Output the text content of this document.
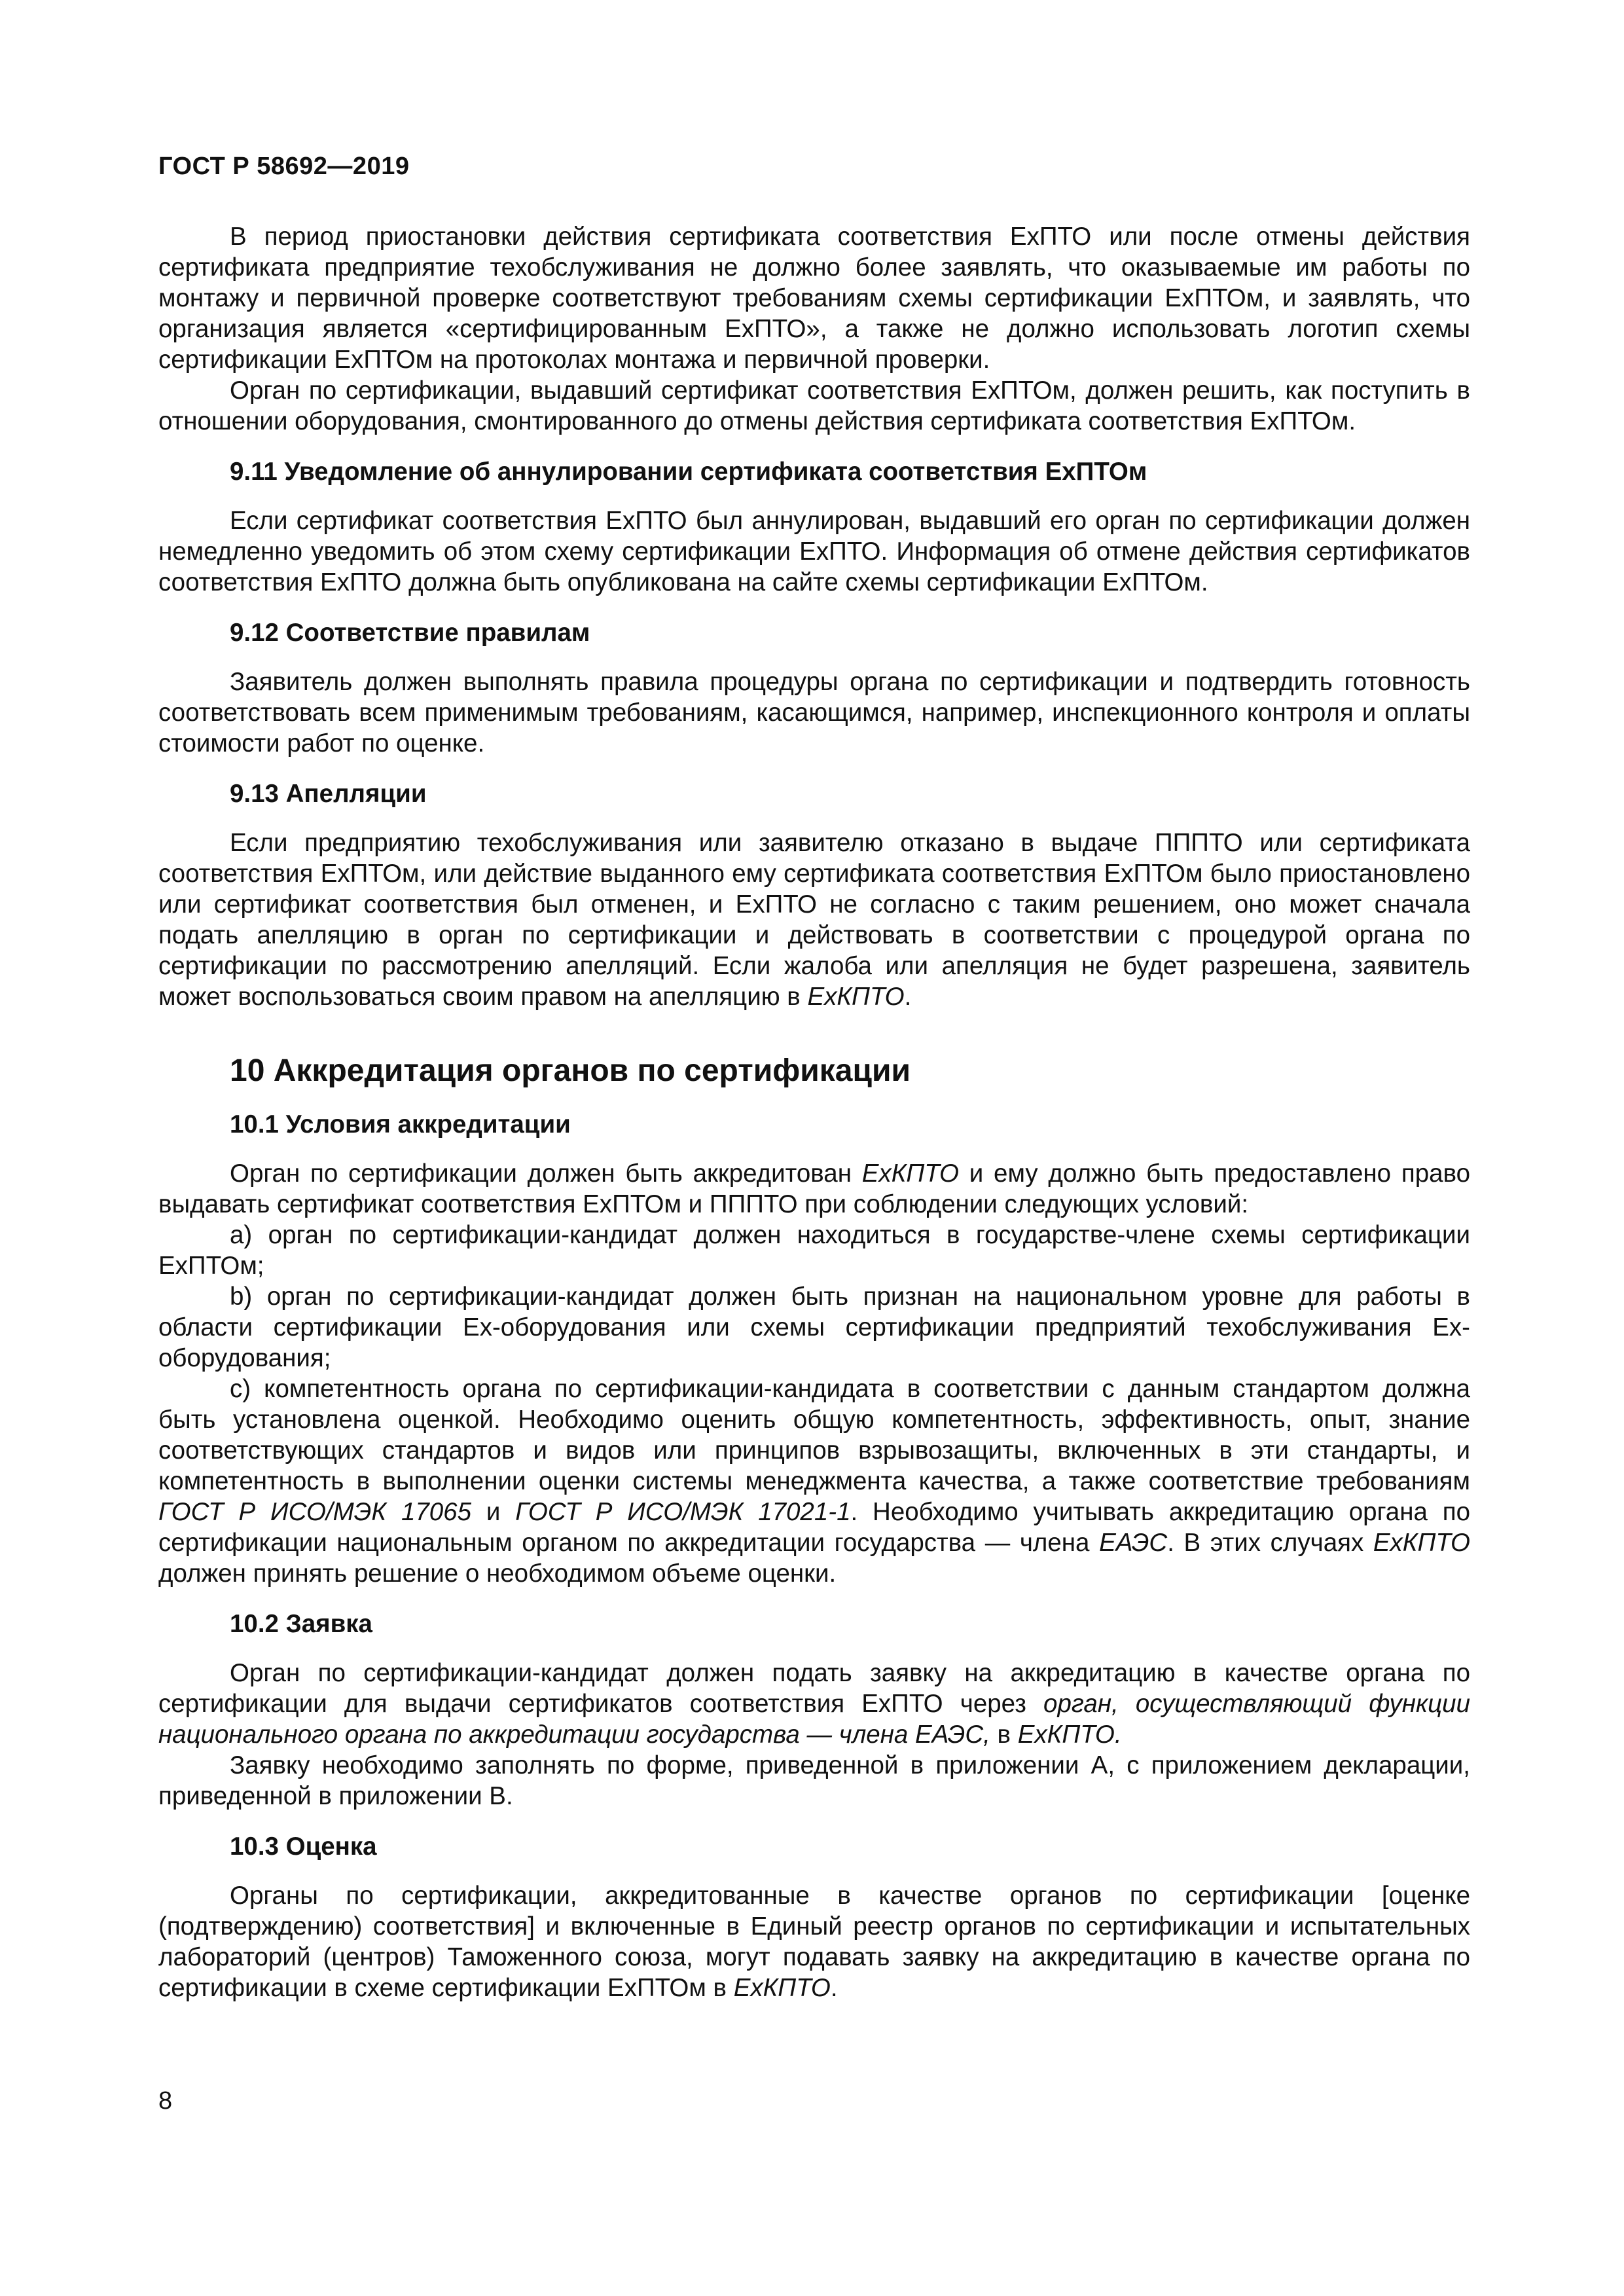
ГОСТ Р 58692—2019

В период приостановки действия сертификата соответствия ExПТО или после отмены действия сертификата предприятие техобслуживания не должно более заявлять, что оказываемые им работы по монтажу и первичной проверке соответствуют требованиям схемы сертификации ExПТОм, и заявлять, что организация является «сертифицированным ExПТО», а также не должно использовать логотип схемы сертификации ExПТОм на протоколах монтажа и первичной проверки.

Орган по сертификации, выдавший сертификат соответствия ExПТОм, должен решить, как поступить в отношении оборудования, смонтированного до отмены действия сертификата соответствия ExПТОм.

9.11 Уведомление об аннулировании сертификата соответствия ExПТОм

Если сертификат соответствия ExПТО был аннулирован, выдавший его орган по сертификации должен немедленно уведомить об этом схему сертификации ExПТО. Информация об отмене действия сертификатов соответствия ExПТО должна быть опубликована на сайте схемы сертификации ExПТОм.

9.12 Соответствие правилам

Заявитель должен выполнять правила процедуры органа по сертификации и подтвердить готовность соответствовать всем применимым требованиям, касающимся, например, инспекционного контроля и оплаты стоимости работ по оценке.

9.13 Апелляции

Если предприятию техобслуживания или заявителю отказано в выдаче ПППТО или сертификата соответствия ExПТОм, или действие выданного ему сертификата соответствия ExПТОм было приостановлено или сертификат соответствия был отменен, и ExПТО не согласно с таким решением, оно может сначала подать апелляцию в орган по сертификации и действовать в соответствии с процедурой органа по сертификации по рассмотрению апелляций. Если жалоба или апелляция не будет разрешена, заявитель может воспользоваться своим правом на апелляцию в ExКПТО.

10 Аккредитация органов по сертификации
10.1 Условия аккредитации

Орган по сертификации должен быть аккредитован ExКПТО и ему должно быть предоставлено право выдавать сертификат соответствия ExПТОм и ПППТО при соблюдении следующих условий:

a) орган по сертификации-кандидат должен находиться в государстве-члене схемы сертификации ExПТОм;

b) орган по сертификации-кандидат должен быть признан на национальном уровне для работы в области сертификации Ex-оборудования или схемы сертификации предприятий техобслуживания Ex-оборудования;

c) компетентность органа по сертификации-кандидата в соответствии с данным стандартом должна быть установлена оценкой. Необходимо оценить общую компетентность, эффективность, опыт, знание соответствующих стандартов и видов или принципов взрывозащиты, включенных в эти стандарты, и компетентность в выполнении оценки системы менеджмента качества, а также соответствие требованиям ГОСТ Р ИСО/МЭК 17065 и ГОСТ Р ИСО/МЭК 17021-1. Необходимо учитывать аккредитацию органа по сертификации национальным органом по аккредитации государства — члена ЕАЭС. В этих случаях ExКПТО должен принять решение о необходимом объеме оценки.

10.2 Заявка

Орган по сертификации-кандидат должен подать заявку на аккредитацию в качестве органа по сертификации для выдачи сертификатов соответствия ExПТО через орган, осуществляющий функции национального органа по аккредитации государства — члена ЕАЭС, в ExКПТО.

Заявку необходимо заполнять по форме, приведенной в приложении А, с приложением декларации, приведенной в приложении В.

10.3 Оценка

Органы по сертификации, аккредитованные в качестве органов по сертификации [оценке (подтверждению) соответствия] и включенные в Единый реестр органов по сертификации и испытательных лабораторий (центров) Таможенного союза, могут подавать заявку на аккредитацию в качестве органа по сертификации в схеме сертификации ExПТОм в ExКПТО.

8
